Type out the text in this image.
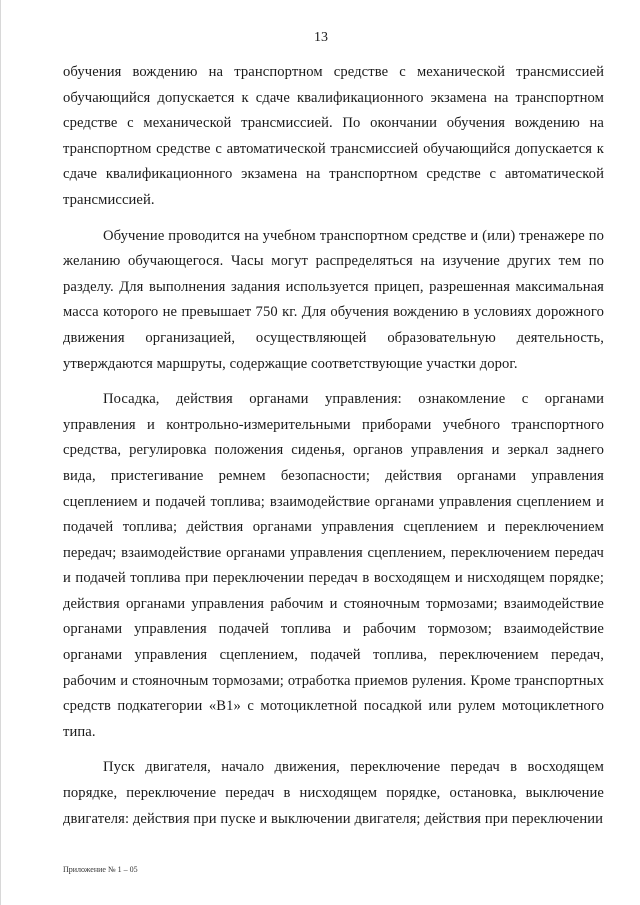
13

обучения вождению на транспортном средстве с механической трансмиссией обучающийся допускается к сдаче квалификационного экзамена на транспортном средстве с механической трансмиссией. По окончании обучения вождению на транспортном средстве с автоматической трансмиссией обучающийся допускается к сдаче квалификационного экзамена на транспортном средстве с автоматической трансмиссией.

Обучение проводится на учебном транспортном средстве и (или) тренажере по желанию обучающегося. Часы могут распределяться на изучение других тем по разделу. Для выполнения задания используется прицеп, разрешенная максимальная масса которого не превышает 750 кг. Для обучения вождению в условиях дорожного движения организацией, осуществляющей образовательную деятельность, утверждаются маршруты, содержащие соответствующие участки дорог.

Посадка, действия органами управления: ознакомление с органами управления и контрольно-измерительными приборами учебного транспортного средства, регулировка положения сиденья, органов управления и зеркал заднего вида, пристегивание ремнем безопасности; действия органами управления сцеплением и подачей топлива; взаимодействие органами управления сцеплением и подачей топлива; действия органами управления сцеплением и переключением передач; взаимодействие органами управления сцеплением, переключением передач и подачей топлива при переключении передач в восходящем и нисходящем порядке; действия органами управления рабочим и стояночным тормозами; взаимодействие органами управления подачей топлива и рабочим тормозом; взаимодействие органами управления сцеплением, подачей топлива, переключением передач, рабочим и стояночным тормозами; отработка приемов руления. Кроме транспортных средств подкатегории «В1» с мотоциклетной посадкой или рулем мотоциклетного типа.

Пуск двигателя, начало движения, переключение передач в восходящем порядке, переключение передач в нисходящем порядке, остановка, выключение двигателя: действия при пуске и выключении двигателя; действия при переключении

Приложение № 1 – 05
